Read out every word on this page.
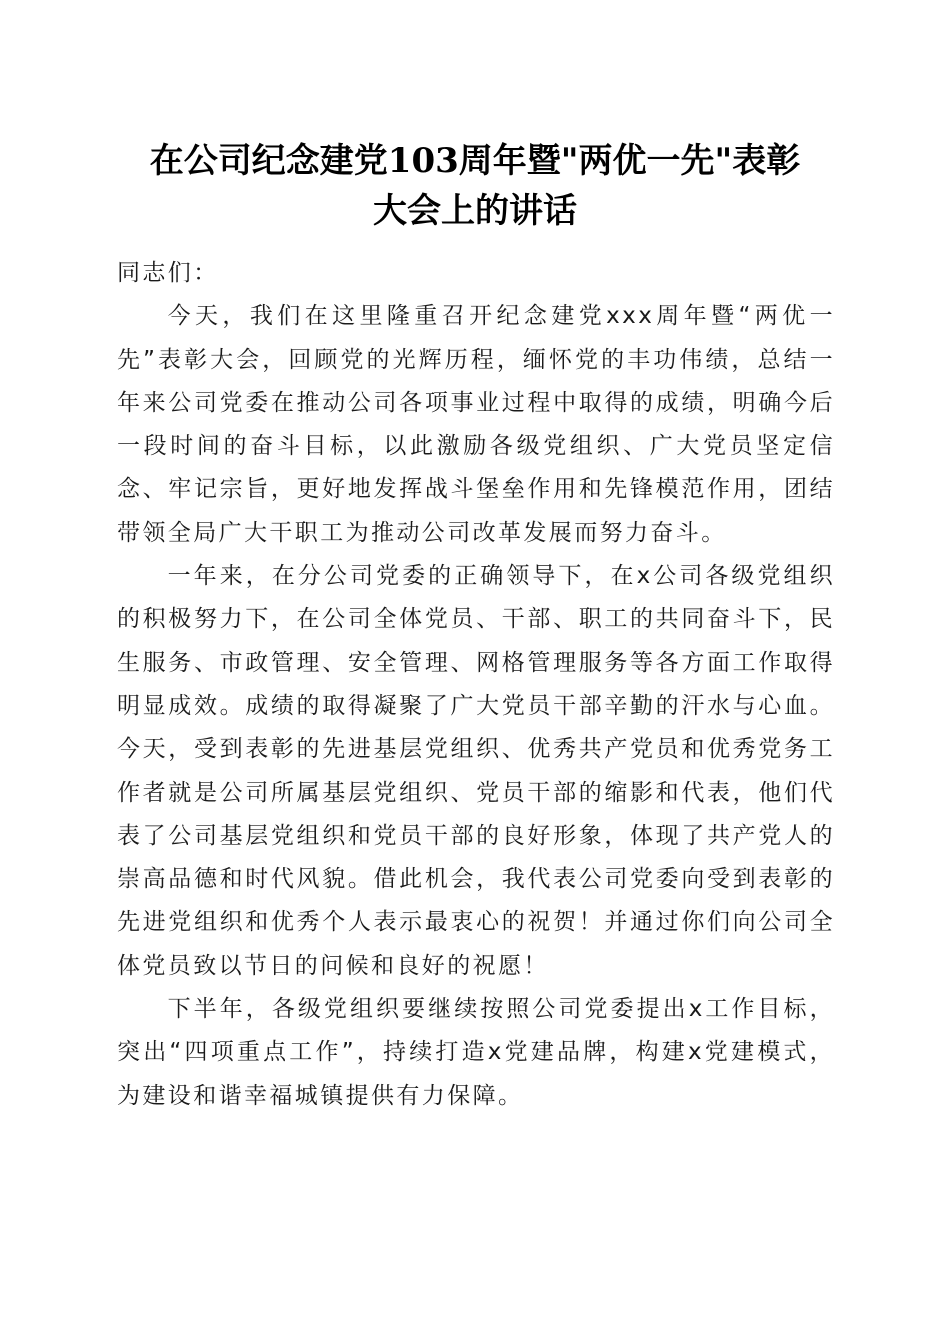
在公司纪念建党103周年暨"两优一先"表彰
大会上的讲话

同志们：

今天，我们在这里隆重召开纪念建党xxx周年暨“两优一先”表彰大会，回顾党的光辉历程，缅怀党的丰功伟绩，总结一年来公司党委在推动公司各项事业过程中取得的成绩，明确今后一段时间的奋斗目标，以此激励各级党组织、广大党员坚定信念、牢记宗旨，更好地发挥战斗堡垒作用和先锋模范作用，团结带领全局广大干职工为推动公司改革发展而努力奋斗。

一年来，在分公司党委的正确领导下，在x公司各级党组织的积极努力下，在公司全体党员、干部、职工的共同奋斗下，民生服务、市政管理、安全管理、网格管理服务等各方面工作取得明显成效。成绩的取得凝聚了广大党员干部辛勤的汗水与心血。今天，受到表彰的先进基层党组织、优秀共产党员和优秀党务工作者就是公司所属基层党组织、党员干部的缩影和代表，他们代表了公司基层党组织和党员干部的良好形象，体现了共产党人的崇高品德和时代风貌。借此机会，我代表公司党委向受到表彰的先进党组织和优秀个人表示最衷心的祝贺！并通过你们向公司全体党员致以节日的问候和良好的祝愿！

下半年，各级党组织要继续按照公司党委提出x工作目标，突出“四项重点工作”，持续打造x党建品牌，构建x党建模式，为建设和谐幸福城镇提供有力保障。
